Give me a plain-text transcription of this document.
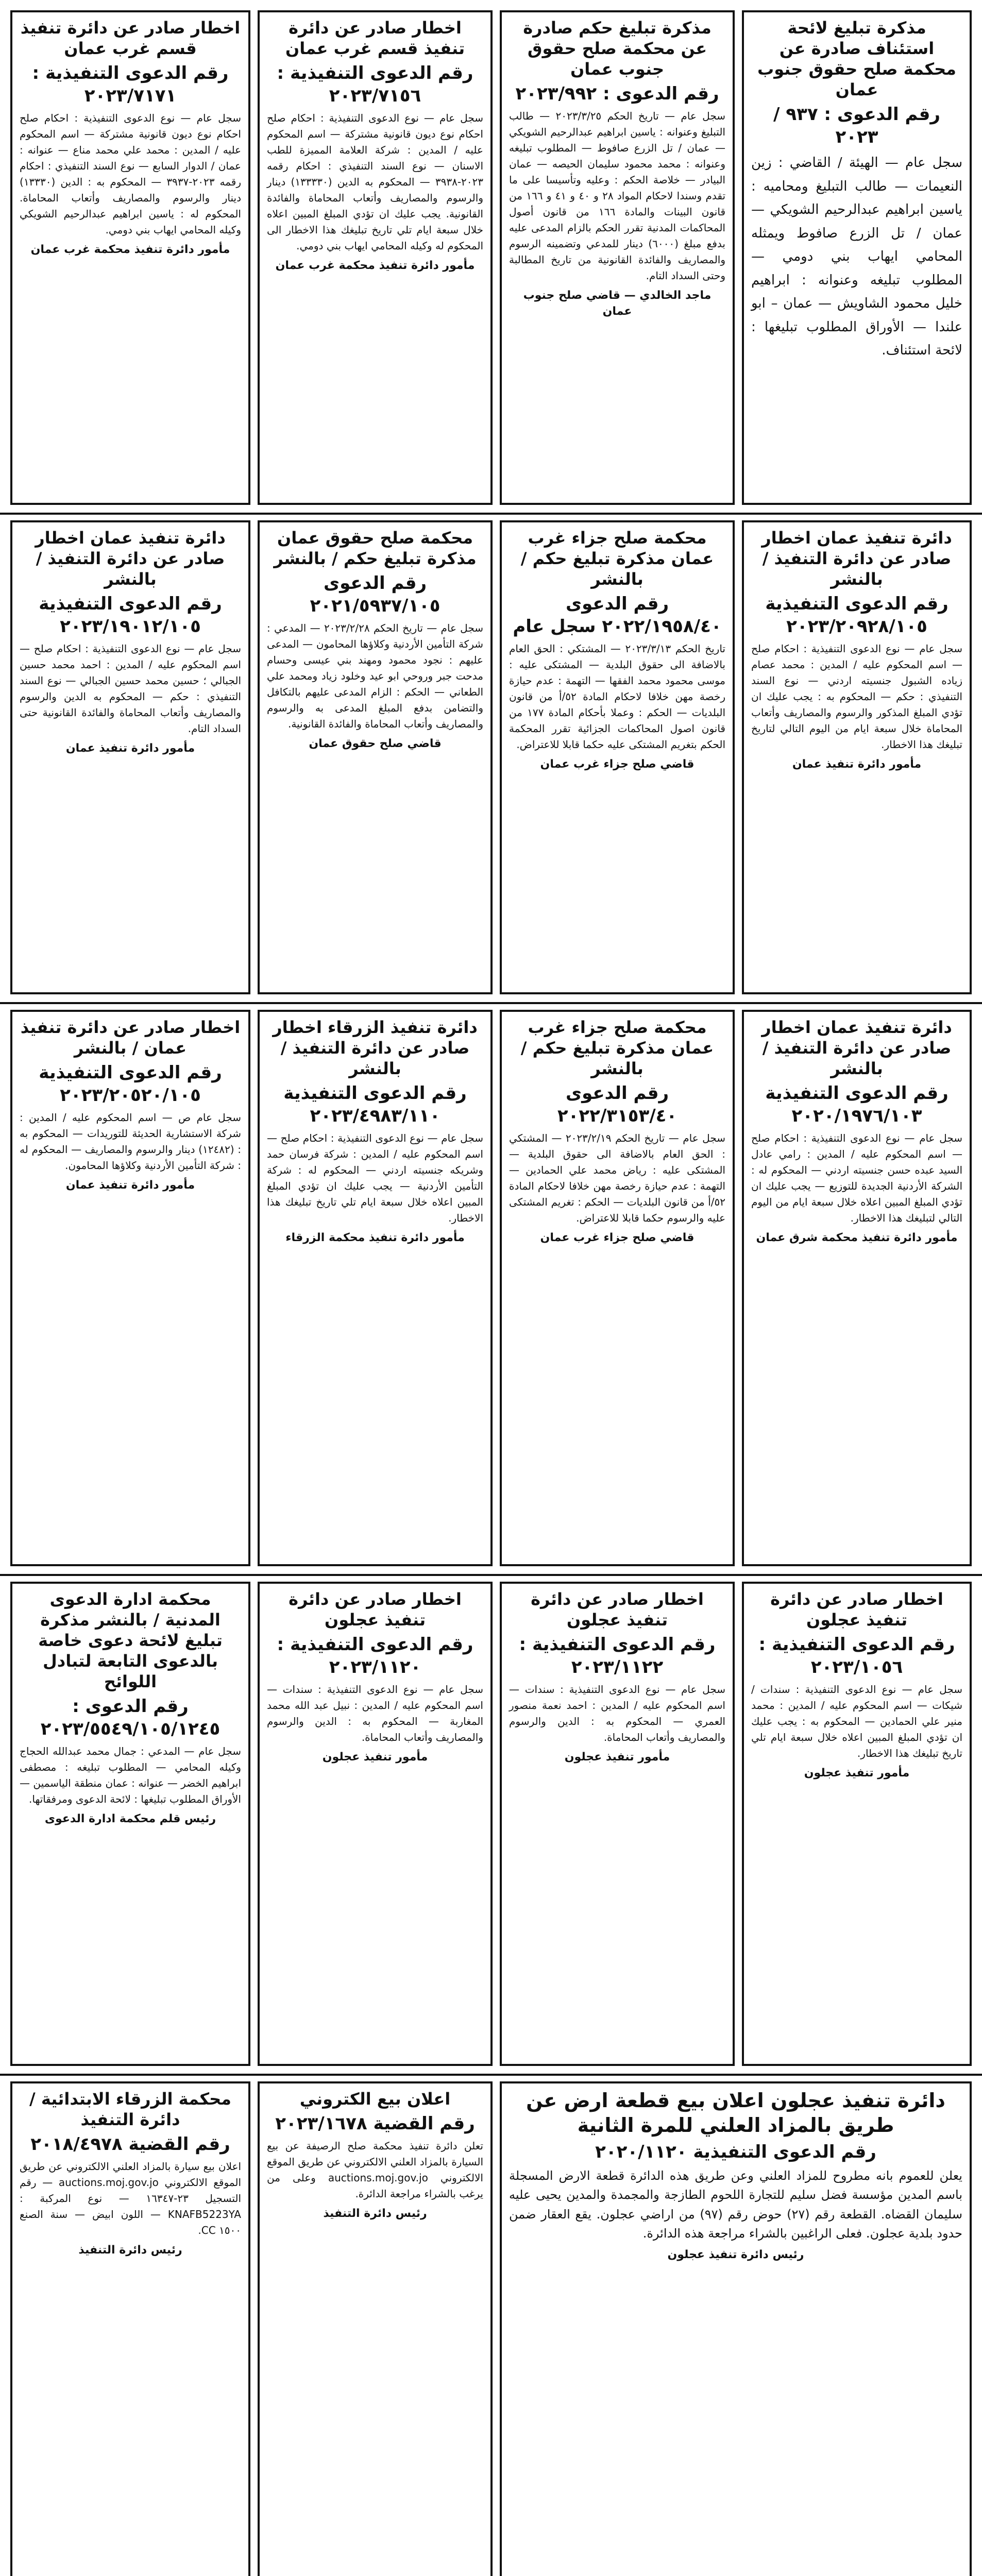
مذكرة تبليغ لائحة استئناف صادرة عن محكمة صلح حقوق جنوب عمان
رقم الدعوى : ٩٣٧ / ٢٠٢٣
سجل عام — الهيئة / القاضي : زين النعيمات — طالب التبليغ ومحاميه : ياسين ابراهيم عبدالرحيم الشويكي — عمان / تل الزرع صافوط ويمثله المحامي ايهاب بني دومي — المطلوب تبليغه وعنوانه : ابراهيم خليل محمود الشاويش — عمان – ابو علندا — الأوراق المطلوب تبليغها : لائحة استئناف.
مذكرة تبليغ حكم صادرة عن محكمة صلح حقوق جنوب عمان
رقم الدعوى : ٢٠٢٣/٩٩٢
سجل عام — تاريخ الحكم ٢٠٢٣/٣/٢٥ — طالب التبليغ وعنوانه : ياسين ابراهيم عبدالرحيم الشويكي — عمان / تل الزرع صافوط — المطلوب تبليغه وعنوانه : محمد محمود سليمان الحيصه — عمان البيادر — خلاصة الحكم : وعليه وتأسيسا على ما تقدم وسندا لاحكام المواد ٢٨ و ٤٠ و ٤١ و ١٦٦ من قانون البينات والمادة ١٦٦ من قانون أصول المحاكمات المدنية تقرر الحكم بالزام المدعى عليه بدفع مبلغ (٦٠٠٠) دينار للمدعي وتضمينه الرسوم والمصاريف والفائدة القانونية من تاريخ المطالبة وحتى السداد التام.
ماجد الخالدي — قاضي صلح جنوب عمان
اخطار صادر عن دائرة تنفيذ قسم غرب عمان
رقم الدعوى التنفيذية : ٢٠٢٣/٧١٥٦
سجل عام — نوع الدعوى التنفيذية : احكام صلح احكام نوع ديون قانونية مشتركة — اسم المحكوم عليه / المدين : شركة العلامة المميزة للطب الاسنان — نوع السند التنفيذي : احكام رقمه ٢٠٢٣-٣٩٣٨ — المحكوم به الدين (١٣٣٣٣٠) دينار والرسوم والمصاريف وأتعاب المحاماة والفائدة القانونية. يجب عليك ان تؤدي المبلغ المبين اعلاه خلال سبعة ايام تلي تاريخ تبليغك هذا الاخطار الى المحكوم له وكيله المحامي ايهاب بني دومي.
مأمور دائرة تنفيذ محكمة غرب عمان
اخطار صادر عن دائرة تنفيذ قسم غرب عمان
رقم الدعوى التنفيذية : ٢٠٢٣/٧١٧١
سجل عام — نوع الدعوى التنفيذية : احكام صلح احكام نوع ديون قانونية مشتركة — اسم المحكوم عليه / المدين : محمد علي محمد مناع — عنوانه : عمان / الدوار السابع — نوع السند التنفيذي : احكام رقمه ٢٠٢٣-٣٩٣٧ — المحكوم به : الدين (١٣٣٣٠) دينار والرسوم والمصاريف وأتعاب المحاماة. المحكوم له : ياسين ابراهيم عبدالرحيم الشويكي وكيله المحامي ايهاب بني دومي.
مأمور دائرة تنفيذ محكمة غرب عمان
دائرة تنفيذ عمان اخطار صادر عن دائرة التنفيذ / بالنشر
رقم الدعوى التنفيذية ٢٠٢٣/٢٠٩٢٨/١٠٥
سجل عام — نوع الدعوى التنفيذية : احكام صلح — اسم المحكوم عليه / المدين : محمد عصام زياده الشبول جنسيته اردني — نوع السند التنفيذي : حكم — المحكوم به : يجب عليك ان تؤدي المبلغ المذكور والرسوم والمصاريف وأتعاب المحاماة خلال سبعة ايام من اليوم التالي لتاريخ تبليغك هذا الاخطار.
مأمور دائرة تنفيذ عمان
محكمة صلح جزاء غرب عمان مذكرة تبليغ حكم / بالنشر
رقم الدعوى ٢٠٢٢/١٩٥٨/٤٠ سجل عام
تاريخ الحكم ٢٠٢٣/٣/١٣ — المشتكي : الحق العام بالاضافة الى حقوق البلدية — المشتكى عليه : موسى محمود محمد الفقها — التهمة : عدم حيازة رخصة مهن خلافا لاحكام المادة ٥٢/أ من قانون البلديات — الحكم : وعملا بأحكام المادة ١٧٧ من قانون اصول المحاكمات الجزائية تقرر المحكمة الحكم بتغريم المشتكى عليه حكما قابلا للاعتراض.
قاضي صلح جزاء غرب عمان
محكمة صلح حقوق عمان مذكرة تبليغ حكم / بالنشر
رقم الدعوى ٢٠٢١/٥٩٣٧/١٠٥
سجل عام — تاريخ الحكم ٢٠٢٣/٢/٢٨ — المدعي : شركة التأمين الأردنية وكلاؤها المحامون — المدعى عليهم : نجود محمود ومهند بني عيسى وحسام مدحت جبر وروحي ابو عيد وخلود زياد ومحمد علي الطعاني — الحكم : الزام المدعى عليهم بالتكافل والتضامن بدفع المبلغ المدعى به والرسوم والمصاريف وأتعاب المحاماة والفائدة القانونية.
قاضي صلح حقوق عمان
دائرة تنفيذ عمان اخطار صادر عن دائرة التنفيذ / بالنشر
رقم الدعوى التنفيذية ٢٠٢٣/١٩٠١٢/١٠٥
سجل عام — نوع الدعوى التنفيذية : احكام صلح — اسم المحكوم عليه / المدين : احمد محمد حسين الجبالي ؛ حسين محمد حسين الجبالي — نوع السند التنفيذي : حكم — المحكوم به الدين والرسوم والمصاريف وأتعاب المحاماة والفائدة القانونية حتى السداد التام.
مأمور دائرة تنفيذ عمان
دائرة تنفيذ عمان اخطار صادر عن دائرة التنفيذ / بالنشر
رقم الدعوى التنفيذية ٢٠٢٠/١٩٧٦/١٠٣
سجل عام — نوع الدعوى التنفيذية : احكام صلح — اسم المحكوم عليه / المدين : رامي عادل السيد عبده حسن جنسيته اردني — المحكوم له : الشركة الأردنية الجديدة للتوزيع — يجب عليك ان تؤدي المبلغ المبين اعلاه خلال سبعة ايام من اليوم التالي لتبليغك هذا الاخطار.
مأمور دائرة تنفيذ محكمة شرق عمان
محكمة صلح جزاء غرب عمان مذكرة تبليغ حكم / بالنشر
رقم الدعوى ٢٠٢٢/٣١٥٣/٤٠
سجل عام — تاريخ الحكم ٢٠٢٣/٢/١٩ — المشتكي : الحق العام بالاضافة الى حقوق البلدية — المشتكى عليه : رياض محمد علي الحمادين — التهمة : عدم حيازة رخصة مهن خلافا لاحكام المادة ٥٢/أ من قانون البلديات — الحكم : تغريم المشتكى عليه والرسوم حكما قابلا للاعتراض.
قاضي صلح جزاء غرب عمان
دائرة تنفيذ الزرقاء اخطار صادر عن دائرة التنفيذ / بالنشر
رقم الدعوى التنفيذية ٢٠٢٣/٤٩٨٣/١١٠
سجل عام — نوع الدعوى التنفيذية : احكام صلح — اسم المحكوم عليه / المدين : شركة فرسان حمد وشريكه جنسيته اردني — المحكوم له : شركة التأمين الأردنية — يجب عليك ان تؤدي المبلغ المبين اعلاه خلال سبعة ايام تلي تاريخ تبليغك هذا الاخطار.
مأمور دائرة تنفيذ محكمة الزرقاء
اخطار صادر عن دائرة تنفيذ عمان / بالنشر
رقم الدعوى التنفيذية ٢٠٢٣/٢٠٥٢٠/١٠٥
سجل عام ص — اسم المحكوم عليه / المدين : شركة الاستشارية الحديثة للتوريدات — المحكوم به : (١٢٤٨٢) دينار والرسوم والمصاريف — المحكوم له : شركة التأمين الأردنية وكلاؤها المحامون.
مأمور دائرة تنفيذ عمان
اخطار صادر عن دائرة تنفيذ عجلون
رقم الدعوى التنفيذية : ٢٠٢٣/١٠٥٦
سجل عام — نوع الدعوى التنفيذية : سندات / شيكات — اسم المحكوم عليه / المدين : محمد منير علي الحمادين — المحكوم به : يجب عليك ان تؤدي المبلغ المبين اعلاه خلال سبعة ايام تلي تاريخ تبليغك هذا الاخطار.
مأمور تنفيذ عجلون
اخطار صادر عن دائرة تنفيذ عجلون
رقم الدعوى التنفيذية : ٢٠٢٣/١١٢٢
سجل عام — نوع الدعوى التنفيذية : سندات — اسم المحكوم عليه / المدين : احمد نعمة منصور العمري — المحكوم به : الدين والرسوم والمصاريف وأتعاب المحاماة.
مأمور تنفيذ عجلون
اخطار صادر عن دائرة تنفيذ عجلون
رقم الدعوى التنفيذية : ٢٠٢٣/١١٢٠
سجل عام — نوع الدعوى التنفيذية : سندات — اسم المحكوم عليه / المدين : نبيل عبد الله محمد المغاربة — المحكوم به : الدين والرسوم والمصاريف وأتعاب المحاماة.
مأمور تنفيذ عجلون
محكمة ادارة الدعوى المدنية / بالنشر مذكرة تبليغ لائحة دعوى خاصة بالدعوى التابعة لتبادل اللوائح
رقم الدعوى : ٢٠٢٣/٥٥٤٩/١٠٥/١٢٤٥
سجل عام — المدعي : جمال محمد عبدالله الحجاج وكيله المحامي — المطلوب تبليغه : مصطفى ابراهيم الخضر — عنوانه : عمان منطقة الياسمين — الأوراق المطلوب تبليغها : لائحة الدعوى ومرفقاتها.
رئيس قلم محكمة ادارة الدعوى
دائرة تنفيذ عجلون اعلان بيع قطعة ارض عن طريق بالمزاد العلني للمرة الثانية
رقم الدعوى التنفيذية ٢٠٢٠/١١٢٠
يعلن للعموم بانه مطروح للمزاد العلني وعن طريق هذه الدائرة قطعة الارض المسجلة باسم المدين مؤسسة فضل سليم للتجارة اللحوم الطازجة والمجمدة والمدين يحيى عليه سليمان القضاه. القطعة رقم (٢٧) حوض رقم (٩٧) من اراضي عجلون. يقع العقار ضمن حدود بلدية عجلون. فعلى الراغبين بالشراء مراجعة هذه الدائرة.
رئيس دائرة تنفيذ عجلون
اعلان بيع الكتروني
رقم القضية ٢٠٢٣/١٦٧٨
تعلن دائرة تنفيذ محكمة صلح الرصيفة عن بيع السيارة بالمزاد العلني الالكتروني عن طريق الموقع الالكتروني auctions.moj.gov.jo وعلى من يرغب بالشراء مراجعة الدائرة.
رئيس دائرة التنفيذ
محكمة الزرقاء الابتدائية / دائرة التنفيذ
رقم القضية ٢٠١٨/٤٩٧٨
اعلان بيع سيارة بالمزاد العلني الالكتروني عن طريق الموقع الالكتروني auctions.moj.gov.jo — رقم التسجيل ٢٣-١٦٣٤٧ — نوع المركبة : KNAFB5223YA — اللون ابيض — سنة الصنع ١٥٠٠ CC.
رئيس دائرة التنفيذ
